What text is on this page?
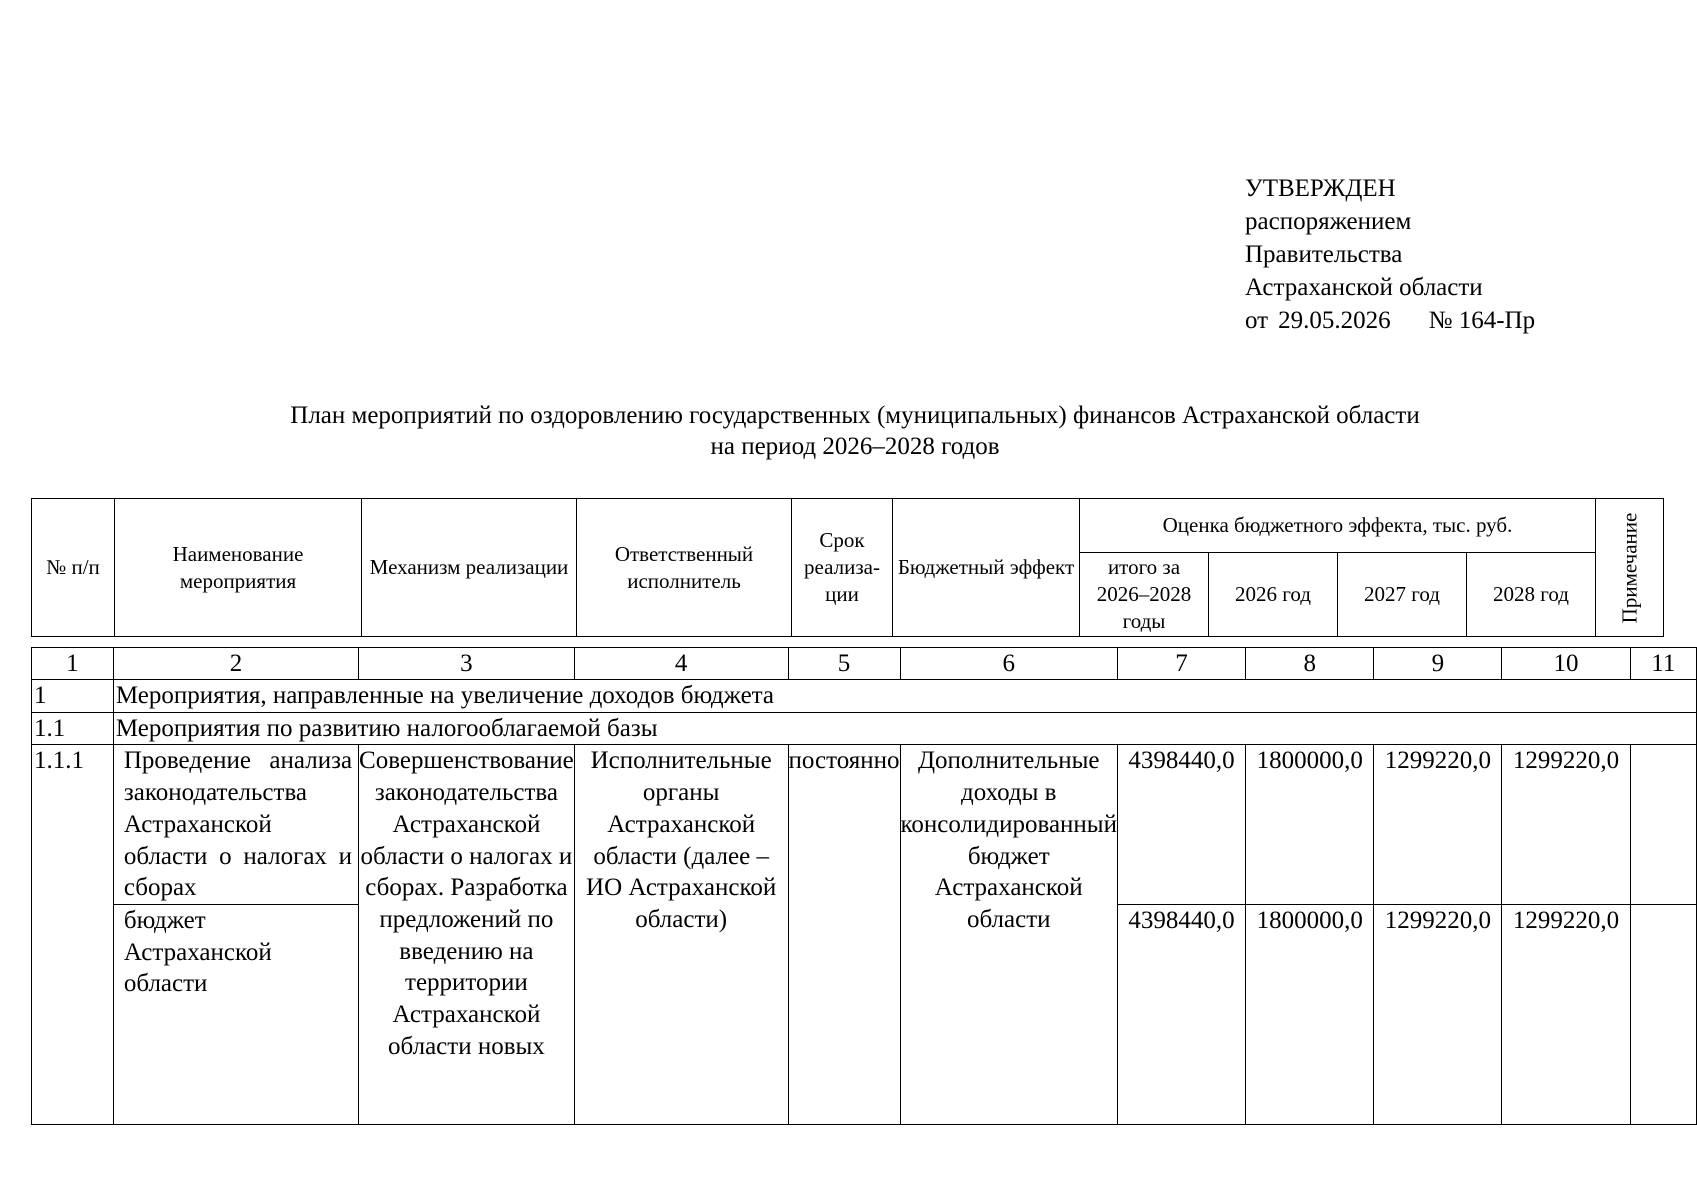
УТВЕРЖДЕН
распоряжением
Правительства
Астраханской области
от 29.05.2026 № 164-Пр
План мероприятий по оздоровлению государственных (муниципальных) финансов Астраханской области
на период 2026–2028 годов
№ п/п	Наименование мероприятия	Механизм реализации	Ответственный исполнитель	Срок реализа-ции	Бюджетный эффект	Оценка бюджетного эффекта, тыс. руб.				Примечание

						итого за 2026–2028 годы	2026 год	2027 год	2028 год	
1	2	3	4	5	6	7	8	9	10	11
1	Мероприятия, направленные на увеличение доходов бюджета									
1.1	Мероприятия по развитию налогооблагаемой базы									
1.1.1	Проведение анализа законодательства Астраханской области о налогах и сборах	Совершенствование законодательства Астраханской области о налогах и сборах. Разработка предложений по введению на территории Астраханской области новых	Исполнительные органы Астраханской области (далее – ИО Астраханской области)	постоянно	Дополнительные доходы в консолидированный бюджет Астраханской области	4398440,0	1800000,0	1299220,0	1299220,0	
	бюджет Астраханской области					4398440,0	1800000,0	1299220,0	1299220,0	
